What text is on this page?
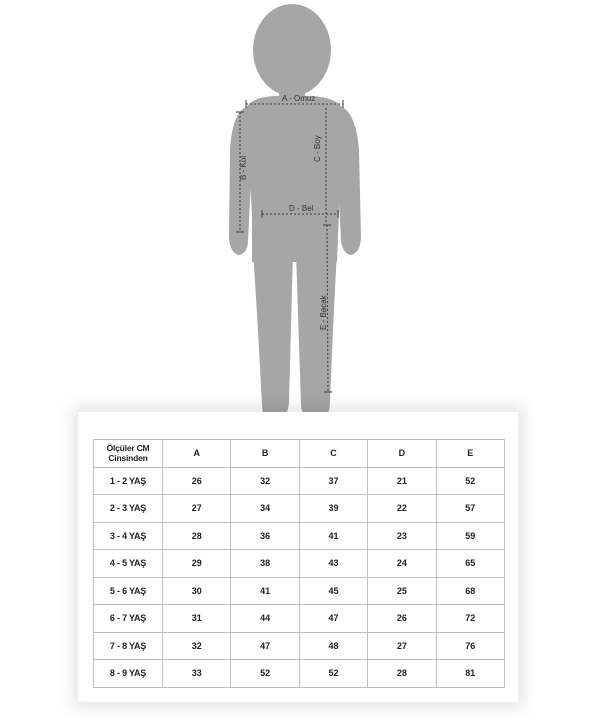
A - Omuz
B - Kol
C - Boy
D - Bel
E - Bacak
Ölçüler CM
Cinsinden	A	B	C	D	E
1 - 2 YAŞ	26	32	37	21	52
2 - 3 YAŞ	27	34	39	22	57
3 - 4 YAŞ	28	36	41	23	59
4 - 5 YAŞ	29	38	43	24	65
5 - 6 YAŞ	30	41	45	25	68
6 - 7 YAŞ	31	44	47	26	72
7 - 8 YAŞ	32	47	48	27	76
8 - 9 YAŞ	33	52	52	28	81
